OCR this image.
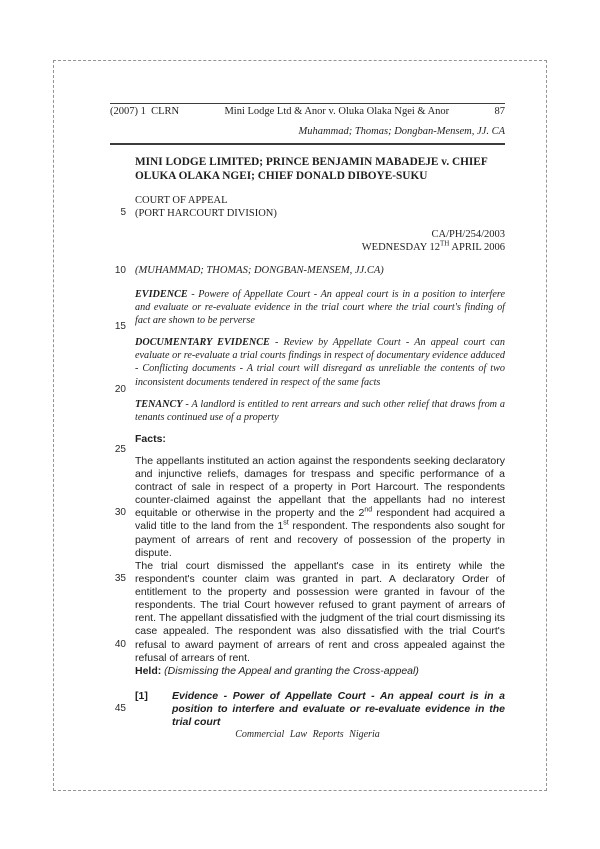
(2007) 1  CLRN	Mini Lodge Ltd & Anor v. Oluka Olaka Ngei & Anor	87
Muhammad; Thomas; Dongban-Mensem, JJ. CA
MINI LODGE LIMITED; PRINCE BENJAMIN MABADEJE v. CHIEF OLUKA OLAKA NGEI; CHIEF DONALD DIBOYE-SUKU
COURT OF APPEAL
(PORT HARCOURT DIVISION)
CA/PH/254/2003
WEDNESDAY 12TH APRIL 2006
(MUHAMMAD; THOMAS; DONGBAN-MENSEM, JJ.CA)
EVIDENCE - Powere of Appellate Court - An appeal court is in a position to interfere and evaluate or re-evaluate evidence in the trial court where the trial court's finding of fact are shown to be perverse
DOCUMENTARY EVIDENCE - Review by Appellate Court - An appeal court can evaluate or re-evaluate a trial courts findings in respect of documentary evidence adduced - Conflicting documents - A trial court will disregard as unreliable the contents of two inconsistent documents tendered in respect of the same facts
TENANCY - A landlord is entitled to rent arrears and such other relief that draws from a tenants continued use of a property
Facts:
The appellants instituted an action against the respondents seeking declaratory and injunctive reliefs, damages for trespass and specific performance of a contract of sale in respect of a property in Port Harcourt. The respondents counter-claimed against the appellant that the appellants had no interest equitable or otherwise in the property and the 2nd respondent had acquired a valid title to the land from the 1st respondent. The respondents also sought for payment of arrears of rent and recovery of possession of the property in dispute.
The trial court dismissed the appellant's case in its entirety while the respondent's counter claim was granted in part. A declaratory Order of entitlement to the property and possession were granted in favour of the respondents. The trial Court however refused to grant payment of arrears of rent. The appellant dissatisfied with the judgment of the trial court dismissing its case appealed. The respondent was also dissatisfied with the trial Court's refusal to award payment of arrears of rent and cross appealed against the refusal of arrears of rent.
Held: (Dismissing the Appeal and granting the Cross-appeal)
[1] Evidence - Power of Appellate Court - An appeal court is in a position to interfere and evaluate or re-evaluate evidence in the trial court
5
10
15
20
25
30
35
40
45
Commercial Law Reports Nigeria
